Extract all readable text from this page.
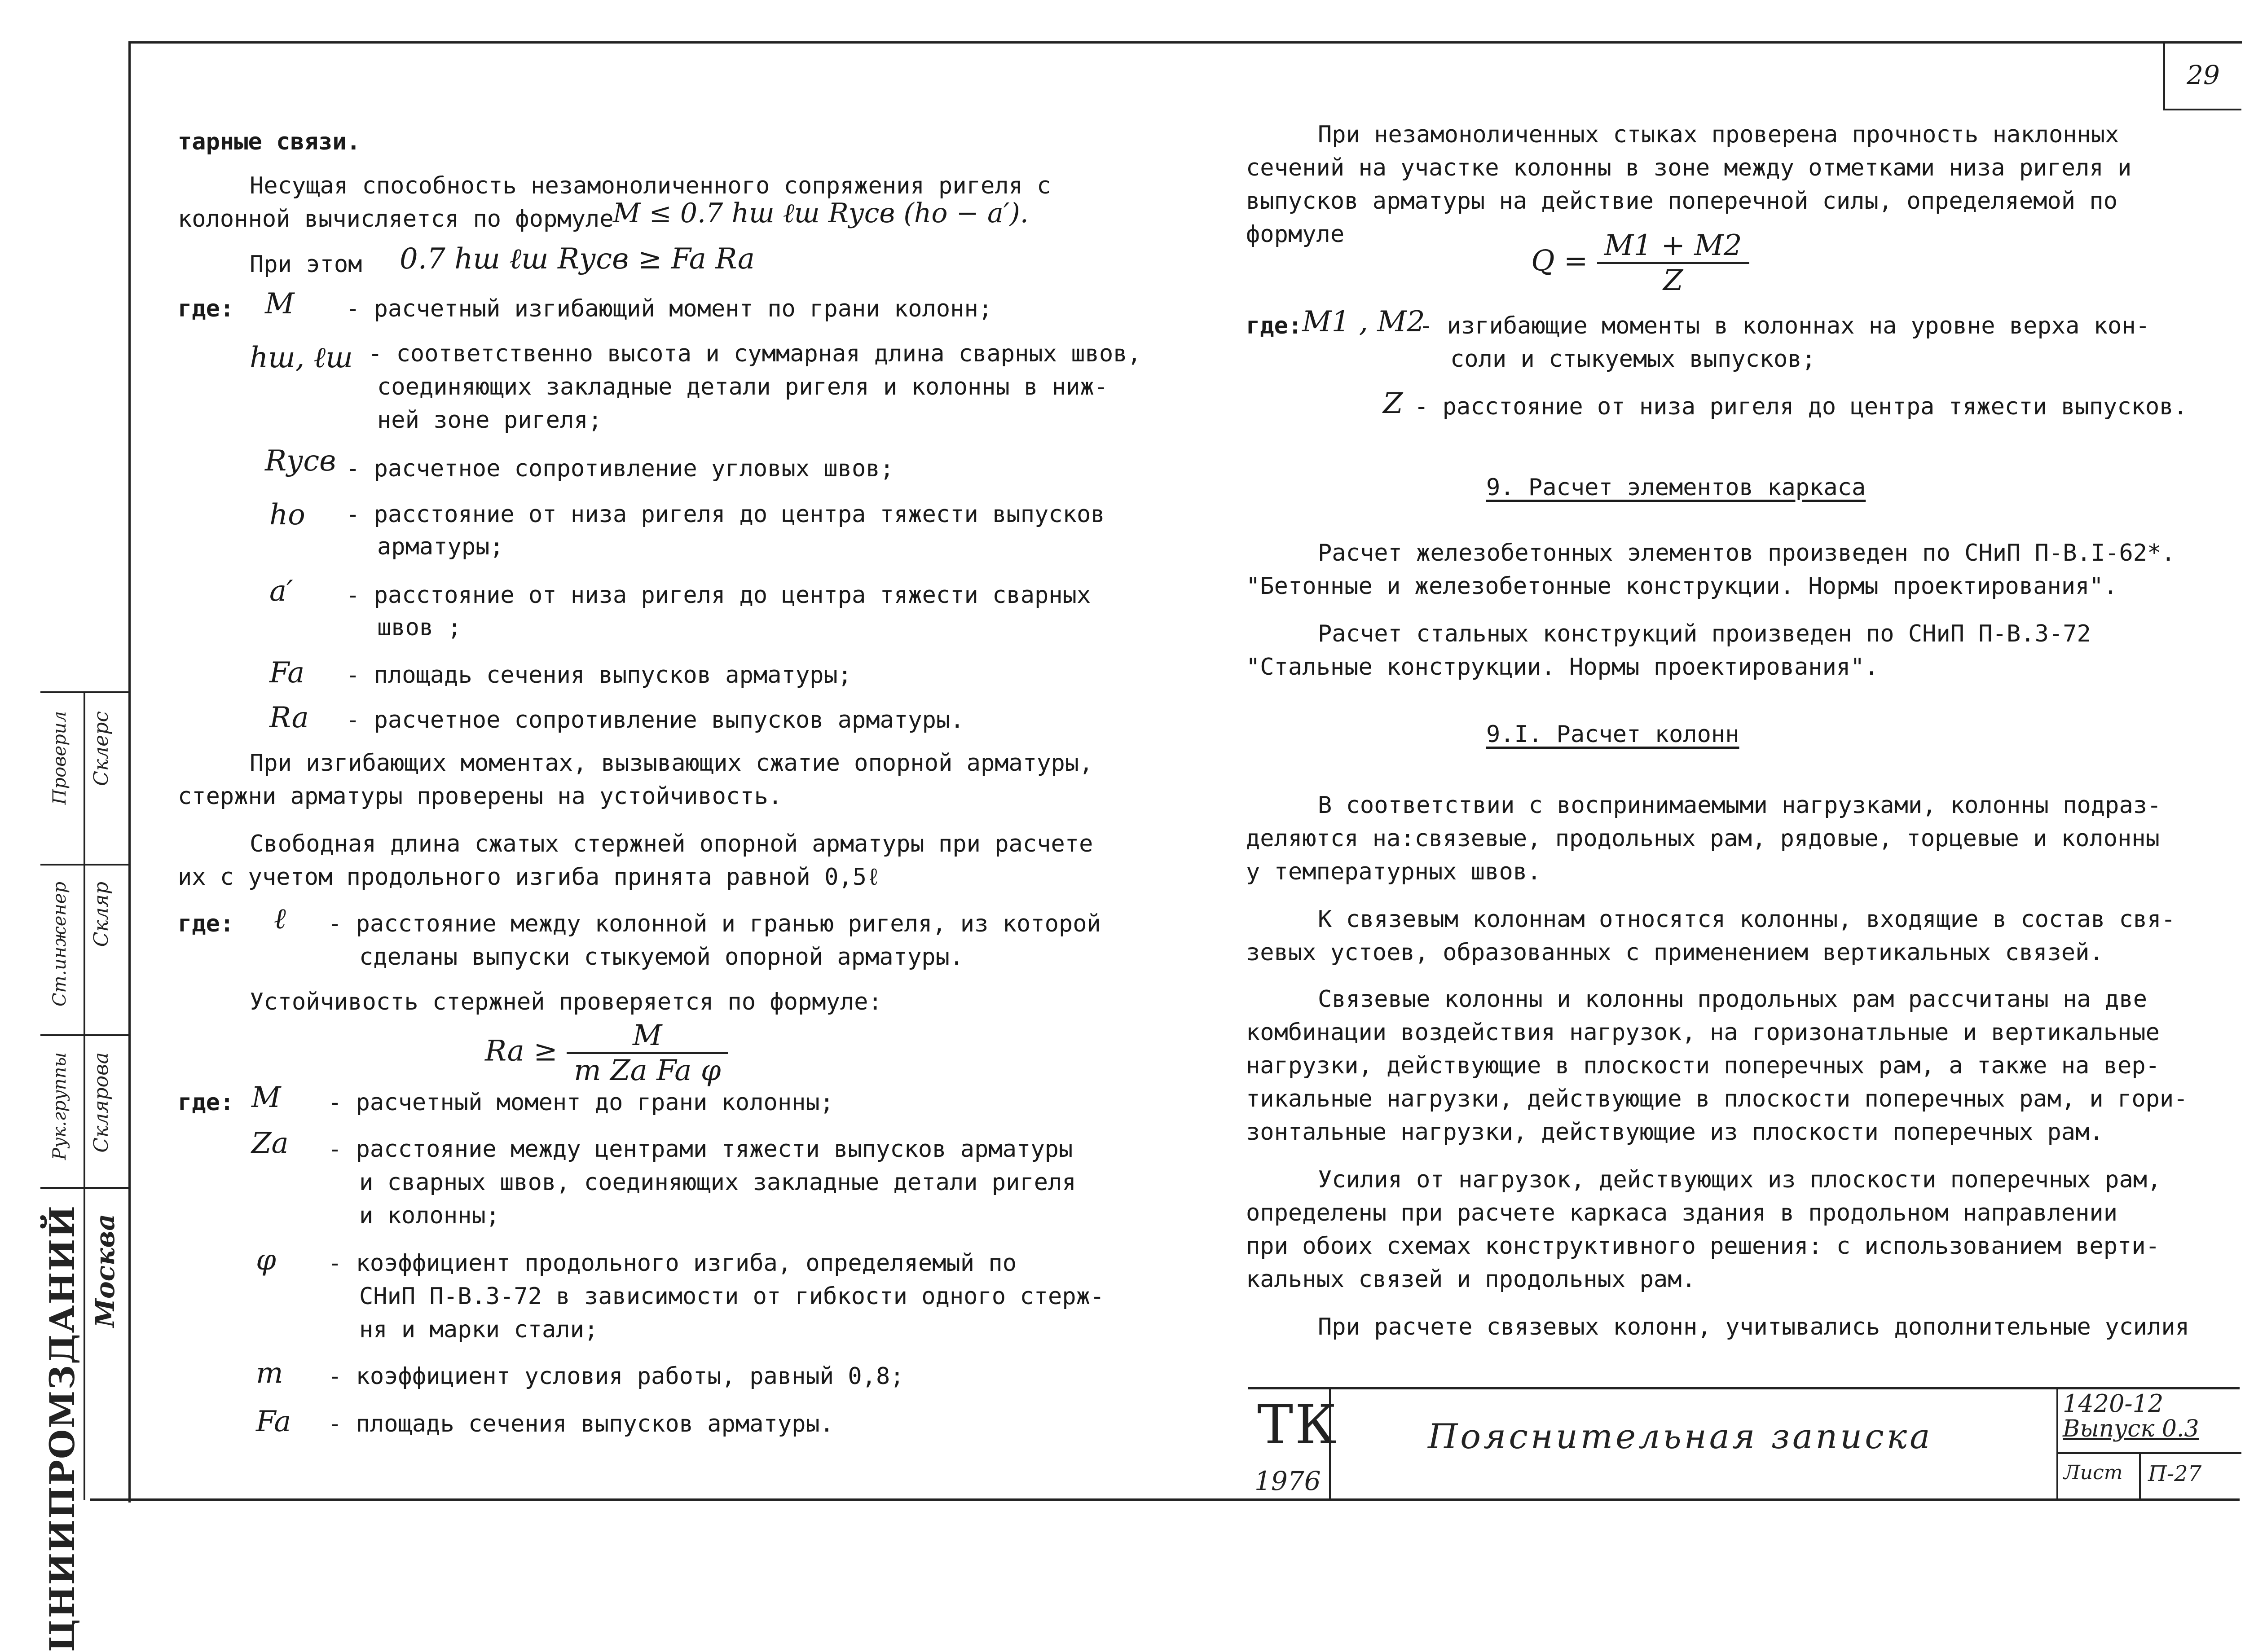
29
Склерс
Скляр
Склярова
Проверил
Ст.инженер
Рук.группы
Москва
ЦНИИПРОМЗДАНИЙ
тарные связи.
Несущая способность незамоноличенного сопряжения ригеля с
колонной вычисляется по формуле
M ≤ 0.7 hш ℓш Rуcв (ho − a′).
При этом 0.7 hш ℓш Rуcв ≥ Fa Ra
где: M - расчетный изгибающий момент по грани колонн;
hш, ℓш - соответственно высота и суммарная длина сварных швов,
соединяющих закладные детали ригеля и колонны в ниж-
ней зоне ригеля;
Rуcв - расчетное сопротивление угловых швов;
ho - расстояние от низа ригеля до центра тяжести выпусков
арматуры;
a′ - расстояние от низа ригеля до центра тяжести сварных
швов ;
Fa - площадь сечения выпусков арматуры;
Ra - расчетное сопротивление выпусков арматуры.
При изгибающих моментах, вызывающих сжатие опорной арматуры,
стержни арматуры проверены на устойчивость.
Свободная длина сжатых стержней опорной арматуры при расчете
их с учетом продольного изгиба принята равной 0,5ℓ
где: ℓ - расстояние между колонной и гранью ригеля, из которой
сделаны выпуски стыкуемой опорной арматуры.
Устойчивость стержней проверяется по формуле:
$Ra \ge \frac{M}{\text{m Za Fa φ}}$
где: M - расчетный момент до грани колонны;
Za - расстояние между центрами тяжести выпусков арматуры
и сварных швов, соединяющих закладные детали ригеля
и колонны;
φ - коэффициент продольного изгиба, определяемый по
СНиП П-В.3-72 в зависимости от гибкости одного стерж-
ня и марки стали;
m - коэффициент условия работы, равный 0,8;
Fa - площадь сечения выпусков арматуры.
При незамоноличенных стыках проверена прочность наклонных
сечений на участке колонны в зоне между отметками низа ригеля и
выпусков арматуры на действие поперечной силы, определяемой по
формуле
$Q = \frac{M1 + M2}{Z}$
где: M1 , M2
- изгибающие моменты в колоннах на уровне верха кон-
соли и стыкуемых выпусков;
Z - расстояние от низа ригеля до центра тяжести выпусков.
9. Расчет элементов каркаса
Расчет железобетонных элементов произведен по СНиП П-В.I-62*.
"Бетонные и железобетонные конструкции. Нормы проектирования".
Расчет стальных конструкций произведен по СНиП П-В.3-72
"Стальные конструкции. Нормы проектирования".
9.I. Расчет колонн
В соответствии с воспринимаемыми нагрузками, колонны подраз-
деляются на:связевые, продольных рам, рядовые, торцевые и колонны
у температурных швов.
К связевым колоннам относятся колонны, входящие в состав свя-
зевых устоев, образованных с применением вертикальных связей.
Связевые колонны и колонны продольных рам рассчитаны на две
комбинации воздействия нагрузок, на горизонатльные и вертикальные
нагрузки, действующие в плоскости поперечных рам, а также на вер-
тикальные нагрузки, действующие в плоскости поперечных рам, и гори-
зонтальные нагрузки, действующие из плоскости поперечных рам.
Усилия от нагрузок, действующих из плоскости поперечных рам,
определены при расчете каркаса здания в продольном направлении
при обоих схемах конструктивного решения: с использованием верти-
кальных связей и продольных рам.
При расчете связевых колонн, учитывались дополнительные усилия
ТК
1976
Пояснительная записка
1420-12
Выпуск 0.3
Лист П-27
